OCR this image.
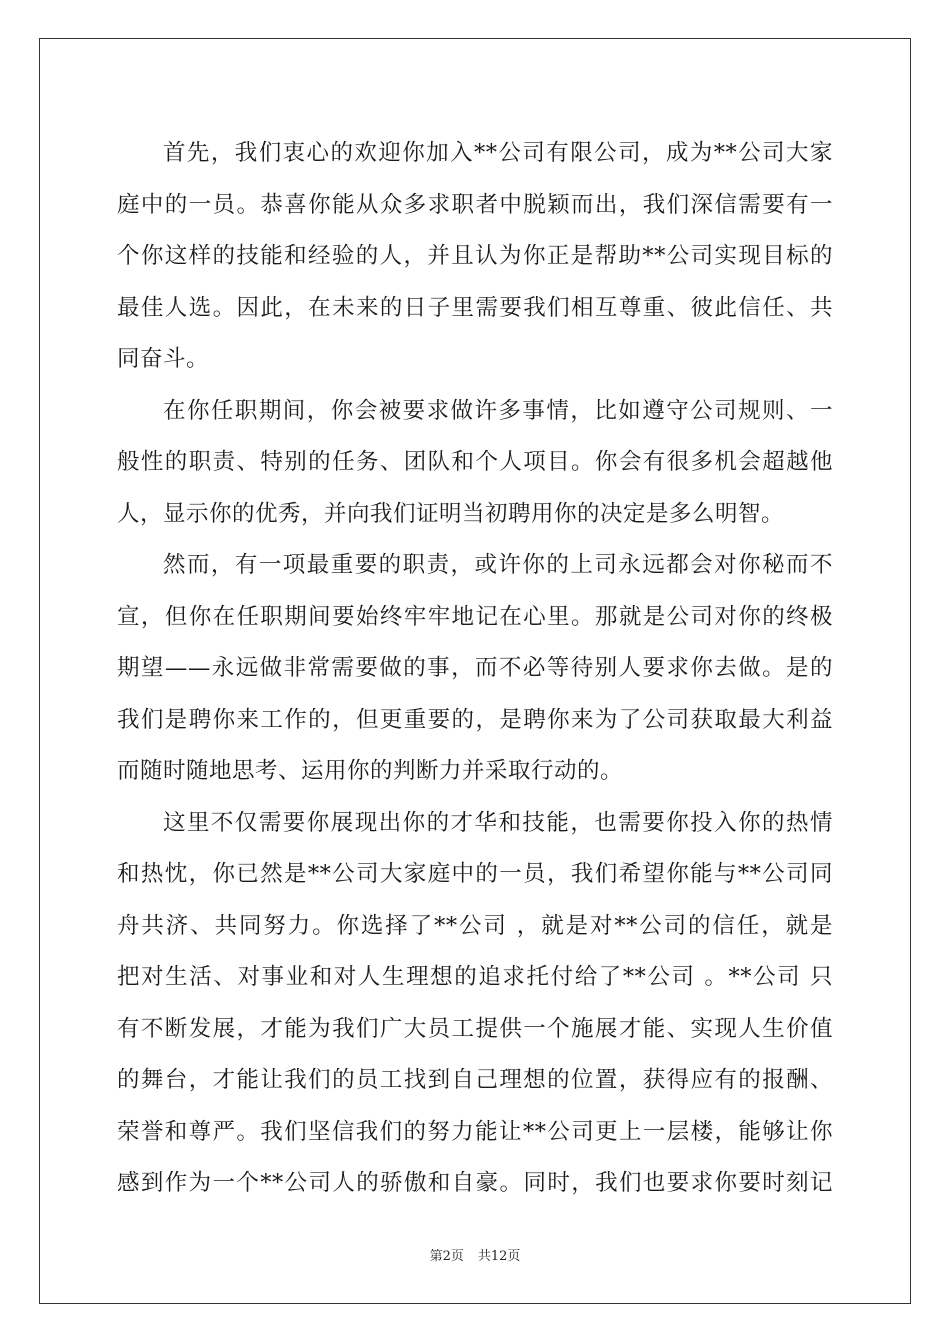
首先，我们衷心的欢迎你加入**公司有限公司，成为**公司大家
庭中的一员。恭喜你能从众多求职者中脱颖而出，我们深信需要有一
个你这样的技能和经验的人，并且认为你正是帮助**公司实现目标的
最佳人选。因此，在未来的日子里需要我们相互尊重、彼此信任、共
同奋斗。
在你任职期间，你会被要求做许多事情，比如遵守公司规则、一
般性的职责、特别的任务、团队和个人项目。你会有很多机会超越他
人，显示你的优秀，并向我们证明当初聘用你的决定是多么明智。
然而，有一项最重要的职责，或许你的上司永远都会对你秘而不
宣，但你在任职期间要始终牢牢地记在心里。那就是公司对你的终极
期望——永远做非常需要做的事，而不必等待别人要求你去做。是的
我们是聘你来工作的，但更重要的，是聘你来为了公司获取最大利益
而随时随地思考、运用你的判断力并采取行动的。
这里不仅需要你展现出你的才华和技能，也需要你投入你的热情
和热忱，你已然是**公司大家庭中的一员，我们希望你能与**公司同
舟共济、共同努力。你选择了**公司 ，就是对**公司的信任，就是
把对生活、对事业和对人生理想的追求托付给了**公司 。**公司 只
有不断发展，才能为我们广大员工提供一个施展才能、实现人生价值
的舞台，才能让我们的员工找到自己理想的位置，获得应有的报酬、
荣誉和尊严。我们坚信我们的努力能让**公司更上一层楼，能够让你
感到作为一个**公司人的骄傲和自豪。同时，我们也要求你要时刻记
第2页 共12页
